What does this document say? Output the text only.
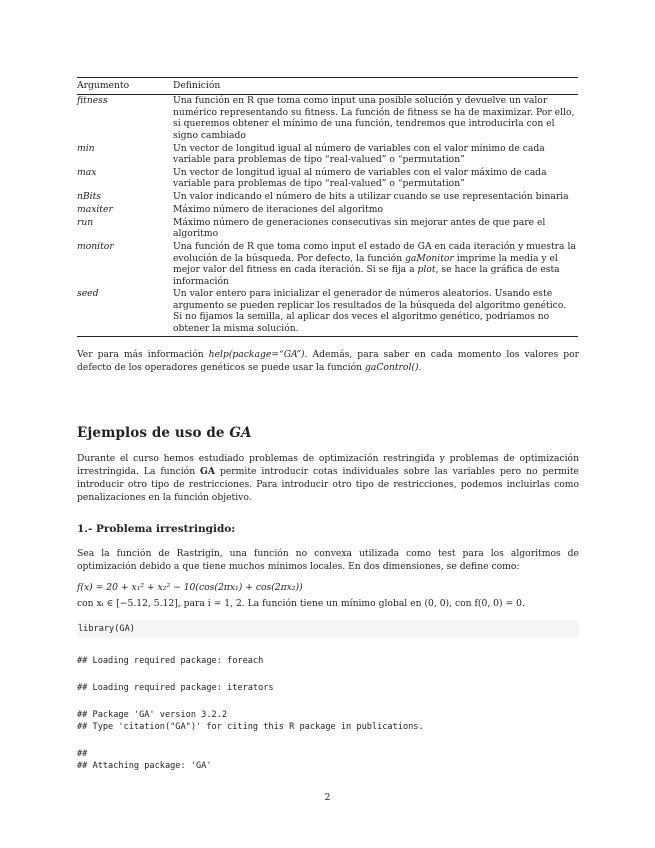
Argumento	Definición
fitness	Una función en R que toma como input una posible solución y devuelve un valor numérico representando su fitness. La función de fitness se ha de maximizar. Por ello, si queremos obtener el mínimo de una función, tendremos que introducirla con el signo cambiado
min	Un vector de longitud igual al número de variables con el valor mínimo de cada variable para problemas de tipo “real-valued” o “permutation”
max	Un vector de longitud igual al número de variables con el valor máximo de cada variable para problemas de tipo “real-valued” o “permutation”
nBits	Un valor indicando el número de bits a utilizar cuando se use representación binaria
maxiter	Máximo número de iteraciones del algoritmo
run	Máximo número de generaciones consecutivas sin mejorar antes de que pare el algoritmo
monitor	Una función de R que toma como input el estado de GA en cada iteración y muestra la evolución de la búsqueda. Por defecto, la función gaMonitor imprime la media y el mejor valor del fitness en cada iteración. Si se fija a plot, se hace la gráfica de esta información
seed	Un valor entero para inicializar el generador de números aleatorios. Usando este argumento se pueden replicar los resultados de la búsqueda del algoritmo genético. Si no fijamos la semilla, al aplicar dos veces el algoritmo genético, podríamos no obtener la misma solución.

Ver para más información help(package=“GA”). Además, para saber en cada momento los valores por defecto de los operadores genéticos se puede usar la función gaControl().

Ejemplos de uso de GA

Durante el curso hemos estudiado problemas de optimización restringida y problemas de optimización irrestringida. La función GA permite introducir cotas individuales sobre las variables pero no permite introducir otro tipo de restricciones. Para introducir otro tipo de restricciones, podemos incluirlas como penalizaciones en la función objetivo.

1.- Problema irrestringido:

Sea la función de Rastrigin, una función no convexa utilizada como test para los algoritmos de optimización debido a que tiene muchos mínimos locales. En dos dimensiones, se define como:

f(x) = 20 + x₁² + x₂² − 10(cos(2πx₁) + cos(2πx₂))

con xᵢ ∈ [−5.12, 5.12], para i = 1, 2. La función tiene un mínimo global en (0, 0), con f(0, 0) = 0.

library(GA)

## Loading required package: foreach

## Loading required package: iterators

## Package 'GA' version 3.2.2

## Type 'citation("GA")' for citing this R package in publications.

##

## Attaching package: 'GA'

2
